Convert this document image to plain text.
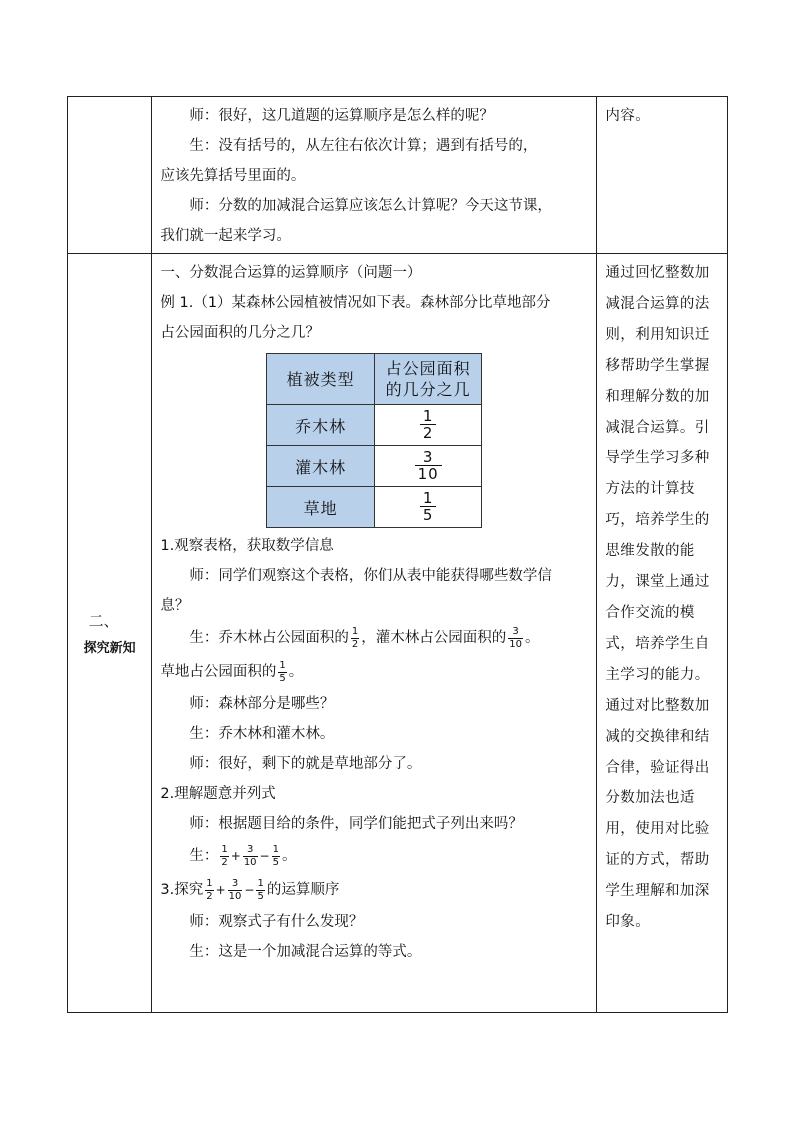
师：很好，这几道题的运算顺序是怎么样的呢？

生：没有括号的，从左往右依次计算；遇到有括号的，

应该先算括号里面的。

师：分数的加减混合运算应该怎么计算呢？今天这节课，

我们就一起来学习。

内容。

二、
探究新知

一、分数混合运算的运算顺序（问题一）

例 1.（1）某森林公园植被情况如下表。森林部分比草地部分

占公园面积的几分之几？

植被类型	占公园面积
的几分之几
乔木林	$\frac{1}{2}$

灌木林	$\frac{3}{10}$

草地	$\frac{1}{5}$

1.观察表格，获取数学信息

师：同学们观察这个表格，你们从表中能获得哪些数学信

息？

生：乔木林占公园面积的 $\frac{1}{2}$ ，灌木林占公园面积的 $\frac{3}{10}$ 。

草地占公园面积的 $\frac{1}{5}$ 。

师：森林部分是哪些？

生：乔木林和灌木林。

师：很好，剩下的就是草地部分了。

2.理解题意并列式

师：根据题目给的条件，同学们能把式子列出来吗？

生： $\frac{1}{2} + \frac{3}{10} - \frac{1}{5}$ 。

3.探究 $\frac{1}{2} + \frac{3}{10} - \frac{1}{5}$ 的运算顺序

师：观察式子有什么发现？

生：这是一个加减混合运算的等式。

通过回忆整数加
减混合运算的法
则，利用知识迁
移帮助学生掌握
和理解分数的加
减混合运算。引
导学生学习多种
方法的计算技
巧，培养学生的
思维发散的能
力，课堂上通过
合作交流的模
式，培养学生自
主学习的能力。
通过对比整数加
减的交换律和结
合律，验证得出
分数加法也适
用，使用对比验
证的方式，帮助
学生理解和加深
印象。
